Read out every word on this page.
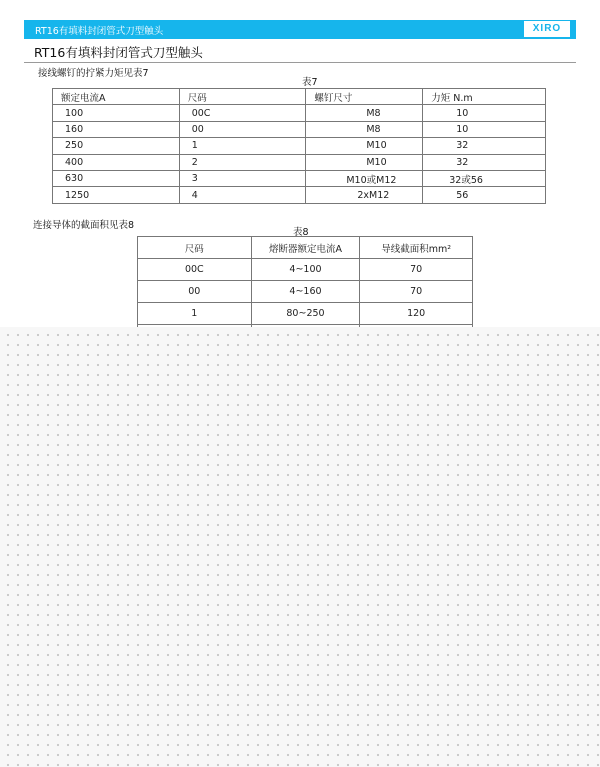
RT16有填料封闭管式刀型触头	XIRO
RT16有填料封闭管式刀型触头
接线螺钉的拧紧力矩见表7
表7
额定电流A	尺码	螺钉尺寸	力矩 N.m
100	00C	M8	10
160	00	M8	10
250	1	M10	32
400	2	M10	32
630	3	M10或M12	32或56
1250	4	2xM12	56
连接导体的截面积见表8
表8
尺码	熔断器额定电流A	导线截面积mm²
00C	4~100	70
00	4~160	70
1	80~250	120
